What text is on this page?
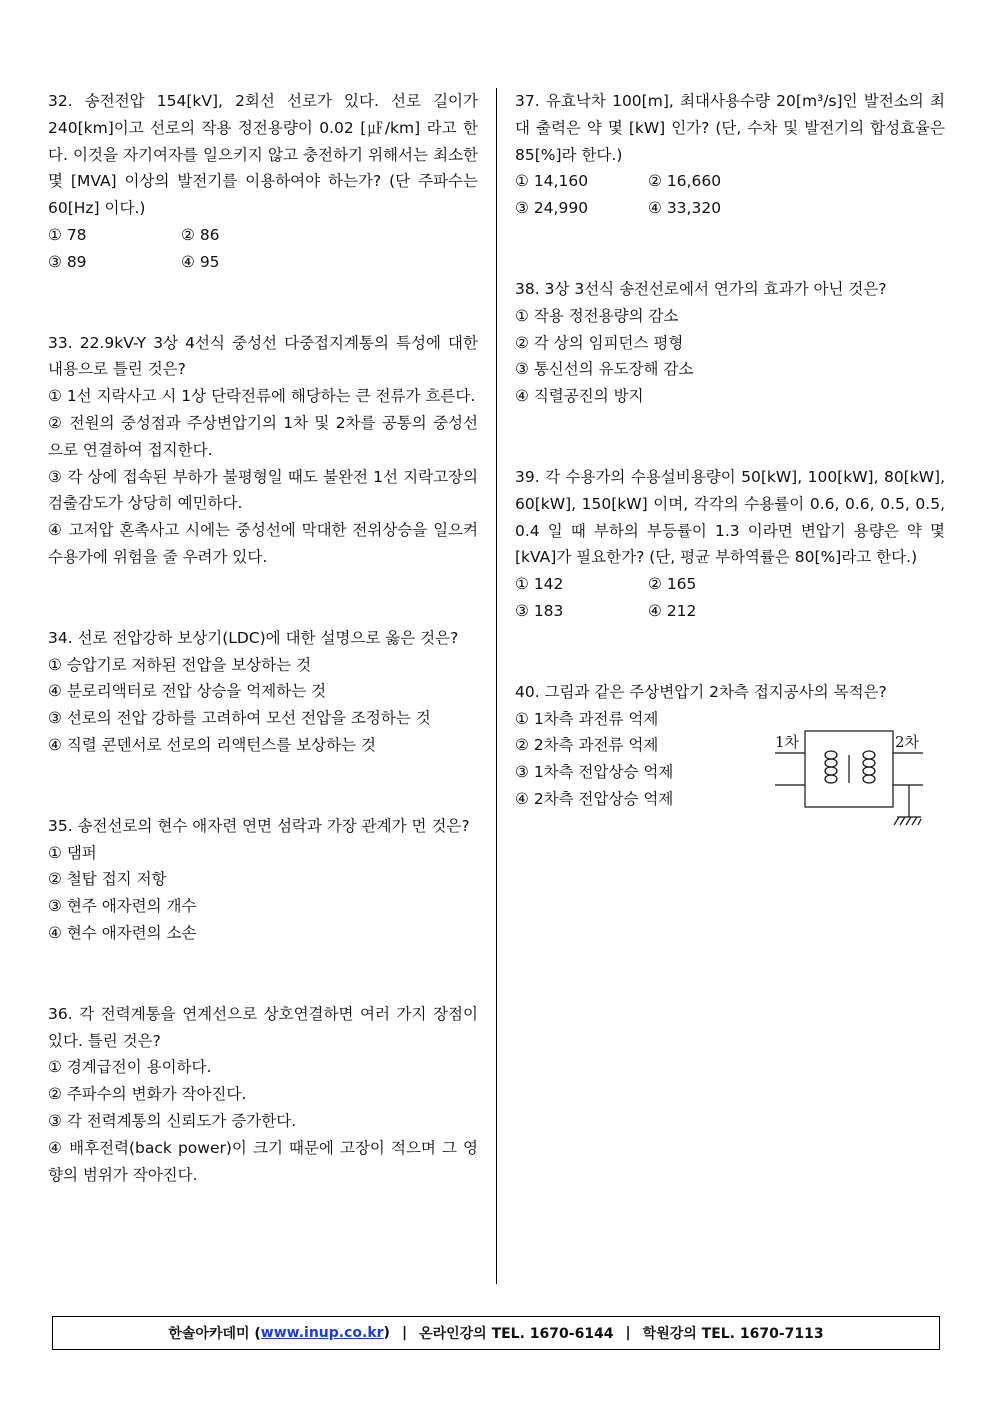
32. 송전전압 154[kV], 2회선 선로가 있다. 선로 길이가 240[km]이고 선로의 작용 정전용량이 0.02 [㎌/km] 라고 한다. 이것을 자기여자를 일으키지 않고 충전하기 위해서는 최소한 몇 [MVA] 이상의 발전기를 이용하여야 하는가? (단 주파수는 60[Hz] 이다.)
① 78	② 86
③ 89	④ 95
33. 22.9kV-Y 3상 4선식 중성선 다중접지계통의 특성에 대한 내용으로 틀린 것은?
① 1선 지락사고 시 1상 단락전류에 해당하는 큰 전류가 흐른다.
② 전원의 중성점과 주상변압기의 1차 및 2차를 공통의 중성선으로 연결하여 접지한다.
③ 각 상에 접속된 부하가 불평형일 때도 불완전 1선 지락고장의 검출감도가 상당히 예민하다.
④ 고저압 혼촉사고 시에는 중성선에 막대한 전위상승을 일으켜 수용가에 위험을 줄 우려가 있다.
34. 선로 전압강하 보상기(LDC)에 대한 설명으로 옳은 것은?
① 승압기로 저하된 전압을 보상하는 것
④ 분로리액터로 전압 상승을 억제하는 것
③ 선로의 전압 강하를 고려하여 모선 전압을 조정하는 것
④ 직렬 콘덴서로 선로의 리액턴스를 보상하는 것
35. 송전선로의 현수 애자련 연면 섬락과 가장 관계가 먼 것은?
① 댐퍼
② 철탑 접지 저항
③ 현주 애자련의 개수
④ 현수 애자련의 소손
36. 각 전력계통을 연계선으로 상호연결하면 여러 가지 장점이 있다. 틀린 것은?
① 경계급전이 용이하다.
② 주파수의 변화가 작아진다.
③ 각 전력계통의 신뢰도가 증가한다.
④ 배후전력(back power)이 크기 때문에 고장이 적으며 그 영향의 범위가 작아진다.
37. 유효낙차 100[m], 최대사용수량 20[m³/s]인 발전소의 최대 출력은 약 몇 [kW] 인가? (단, 수차 및 발전기의 합성효율은 85[%]라 한다.)
① 14,160	② 16,660
③ 24,990	④ 33,320
38. 3상 3선식 송전선로에서 연가의 효과가 아닌 것은?
① 작용 정전용량의 감소
② 각 상의 임피던스 평형
③ 통신선의 유도장해 감소
④ 직렬공진의 방지
39. 각 수용가의 수용설비용량이 50[kW], 100[kW], 80[kW], 60[kW], 150[kW] 이며, 각각의 수용률이 0.6, 0.6, 0.5, 0.5, 0.4 일 때 부하의 부등률이 1.3 이라면 변압기 용량은 약 몇 [kVA]가 필요한가? (단, 평균 부하역률은 80[%]라고 한다.)
① 142	② 165
③ 183	④ 212
40. 그림과 같은 주상변압기 2차측 접지공사의 목적은?
① 1차측 과전류 억제
② 2차측 과전류 억제
③ 1차측 전압상승 억제
④ 2차측 전압상승 억제
1차	2차
한솔아카데미 ( www.inup.co.kr ) | 온라인강의 TEL. 1670-6144 | 학원강의 TEL. 1670-7113
